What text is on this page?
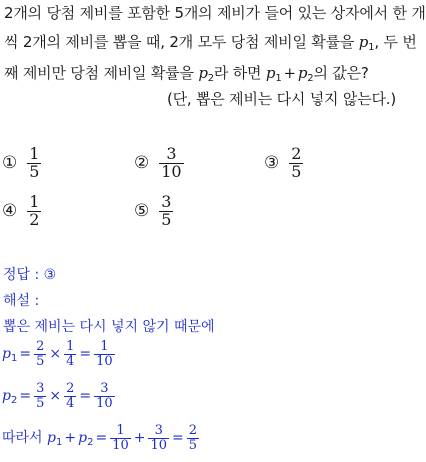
2개의 당첨 제비를 포함한 5개의 제비가 들어 있는 상자에서 한 개
씩 2개의 제비를 뽑을 때, 2개 모두 당첨 제비일 확률을 $p_1$, 두 번
째 제비만 당첨 제비일 확률을 $p_2$라 하면 $p_1 + p_2$의 값은?
(단, 뽑은 제비는 다시 넣지 않는다.)
① $\frac{1}{5}$	② $\frac{3}{10}$	③ $\frac{2}{5}$
④ $\frac{1}{2}$	⑤ $\frac{3}{5}$
정답 : ③
해설 :
뽑은 제비는 다시 넣지 않기 때문에
$p_1 = \frac{2}{5} \times \frac{1}{4} = \frac{1}{10}$
$p_2 = \frac{3}{5} \times \frac{2}{4} = \frac{3}{10}$
따라서 $p_1 + p_2 = \frac{1}{10} + \frac{3}{10} = \frac{2}{5}$
